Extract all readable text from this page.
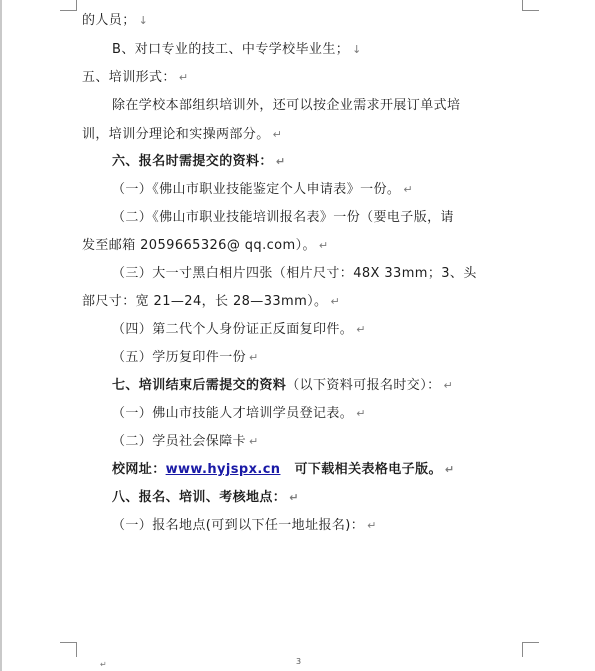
的人员； ↓
B、对口专业的技工、中专学校毕业生； ↓
五、培训形式： ↵
除在学校本部组织培训外，还可以按企业需求开展订单式培
训，培训分理论和实操两部分。 ↵
六、报名时需提交的资料： ↵
（一）《佛山市职业技能鉴定个人申请表》一份。 ↵
（二）《佛山市职业技能培训报名表》一份（要电子版，请
发至邮箱 2059665326@ qq.com）。 ↵
（三）大一寸黑白相片四张（相片尺寸：48X 33mm；3、头
部尺寸：宽 21—24，长 28—33mm）。 ↵
（四）第二代个人身份证正反面复印件。 ↵
（五）学历复印件一份 ↵
七、培训结束后需提交的资料（以下资料可报名时交）： ↵
（一）佛山市技能人才培训学员登记表。 ↵
（二）学员社会保障卡 ↵
校网址：www.hyjspx.cn 可下载相关表格电子版。 ↵
八、报名、培训、考核地点： ↵
（一）报名地点(可到以下任一地址报名)： ↵
↵	3
